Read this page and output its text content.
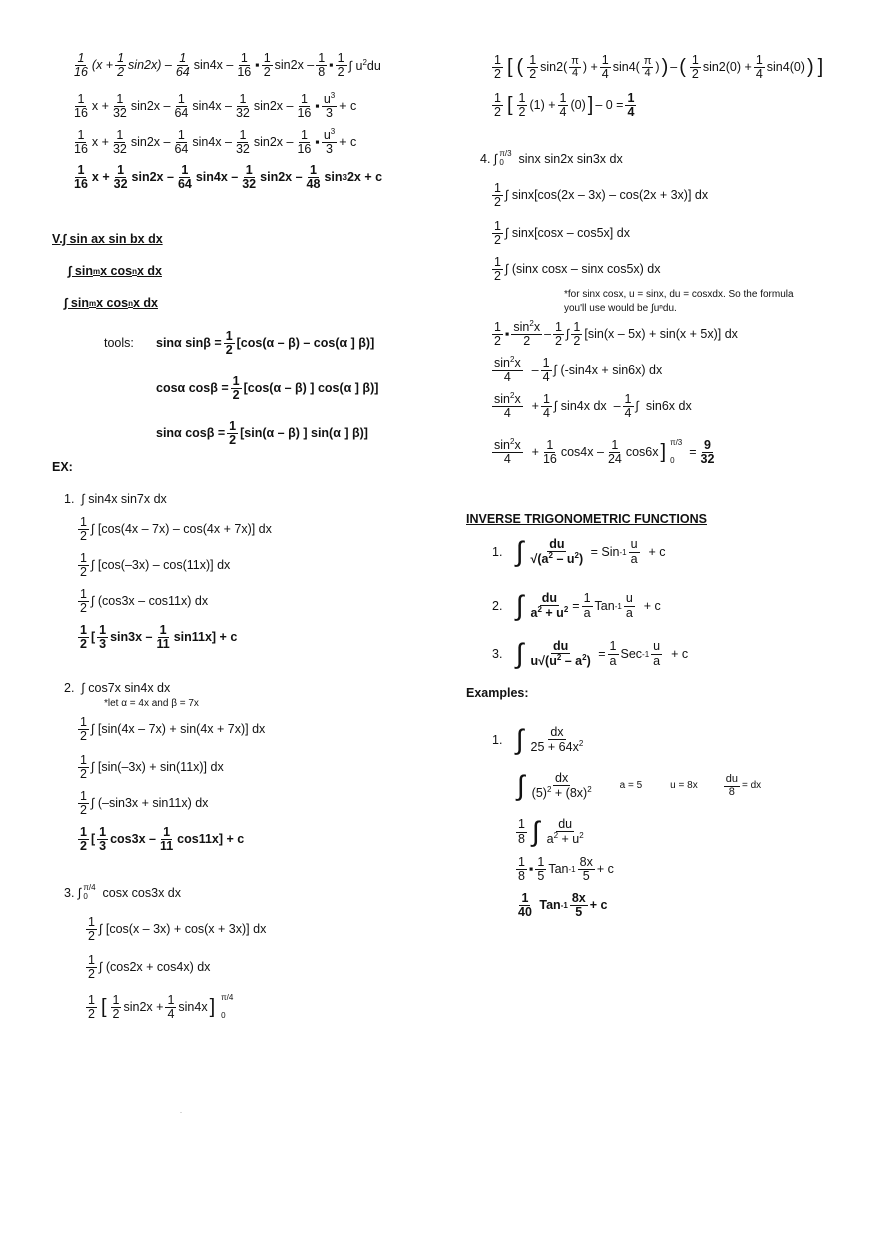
$\frac{1}{16} (x + \frac{1}{2} \sin 2x) - \frac{1}{64} \sin 4x - \frac{1}{16}$ ▪ $\frac{1}{2} \sin 2x - \frac{1}{8}$ ▪ $\frac{1}{2}$ ∫ $u^2du$
$\frac{1}{16}$ $x + \frac{1}{32} \sin 2x - \frac{1}{64} \sin 4x - \frac{1}{32} \sin 2x - \frac{1}{16}$ ▪ $\frac{u^3}{3} + c$
$\frac{1}{16}$ $x + \frac{1}{32} \sin 2x - \frac{1}{64} \sin 4x - \frac{1}{32} \sin 2x - \frac{1}{16}$ ▪ $\frac{u^3}{3} + c$
$\frac{1}{16}$ $x + \frac{1}{32} \sin 2x - \frac{1}{64} \sin 4x - \frac{1}{32} \sin 2x - \frac{1}{48}$ sin 3 2x + c
V.∫ sin ax sin bx dx
∫ sin m x cos n x dx
∫ sin m x cos n x dx
tools: sinα $\sin\beta = \frac{1}{2} [\cos(\alpha - \beta) - \cos(\alpha$ ] β)]
cosα $\cos\beta = \frac{1}{2} [\cos(\alpha - \beta)$ ] cos(α ] β)]
sinα $\cos\beta = \frac{1}{2} [\sin(\alpha - \beta)$ ] sin(α ] β)]
EX:
1. ∫ sin4x sin7x dx
$\frac{1}{2}$ ∫ [cos(4x – 7x) – cos(4x + 7x)] dx
$\frac{1}{2}$ ∫ [cos(–3x) – cos(11x)] dx
$\frac{1}{2}$ ∫ (cos3x – cos11x) dx
$\frac{1}{2}$ [ $\frac{1}{3} \sin 3x - \frac{1}{11} \sin 11x] + c$
2. ∫ cos7x sin4x dx
*let α = 4x and β = 7x
$\frac{1}{2}$ ∫ [sin(4x – 7x) + sin(4x + 7x)] dx
$\frac{1}{2}$ ∫ [sin(–3x) + sin(11x)] dx
$\frac{1}{2}$ ∫ (–sin3x + sin11x) dx
$\frac{1}{2}$ [ $\frac{1}{3} \cos 3x - \frac{1}{11} \cos 11x] + c$
3.
∫ π/4
0 cosx cos3x dx
$\frac{1}{2}$ ∫ [cos(x – 3x) + cos(x + 3x)] dx
$\frac{1}{2}$ ∫ (cos2x + cos4x) dx
$\frac{1}{2}$ [ $\frac{1}{2} \sin 2x + \frac{1}{4} \sin 4x$ ] π/4

0
$\frac{1}{2}$ [ ( $\frac{1}{2} \sin 2( \frac{\pi}{4}$ ) + $\frac{1}{4} \sin 4( \frac{\pi}{4}$ ) ) – ( $\frac{1}{2} \sin 2(0) + \frac{1}{4} \sin 4(0)$ ) ]
$\frac{1}{2}$ [ $\frac{1}{2} (1) + \frac{1}{4} (0)$ ] – $0 = \frac{1}{4}$
4.
∫ π/3
0 sinx sin2x sin3x dx
$\frac{1}{2}$ ∫ sinx[cos(2x – 3x) – cos(2x + 3x)] dx
$\frac{1}{2}$ ∫ sinx[cosx – cos5x] dx
$\frac{1}{2}$ ∫ (sinx cosx – sinx cos5x) dx
*for sinx cosx, u = sinx, du = cosxdx. So the formula
you'll use would be ∫uⁿdu.
$\frac{1}{2}$ ▪ $\frac{\sin^2x}{2} - \frac{1}{2}$ ∫ $\frac{1}{2} [\sin(x - 5x) + \sin(x + 5x)]$ dx
$\frac{\sin^2x}{4} - \frac{1}{4}$ ∫ (-sin4x + sin6x) dx
$\frac{\sin^2x}{4} + \frac{1}{4}$ ∫ sin4x dx  – $\frac{1}{4}$ ∫  sin6x dx
$\frac{\sin^2x}{4} + \frac{1}{16} \cos 4x - \frac{1}{24} \cos 6x$ ] π/3

0
= $\frac{9}{32}$
INVERSE TRIGONOMETRIC FUNCTIONS
1.
∫ $\frac{du}{√(a^2 - u^2)}$ = Sin $-1 \frac{u}{a} + c$
2.
∫ $\frac{du}{a^2 + u^2} = \frac{1}{a}$ Tan $-1 \frac{u}{a} + c$
3.
∫ $\frac{du}{u√(u^2 - a^2)} = \frac{1}{a}$ Sec $-1 \frac{u}{a} + c$
Examples:
1.
∫ $\frac{dx}{25 + 64x^2}$
∫ $\frac{dx}{(5)^2 + (8x)^2}$	a = 5	$u = 8x \frac{du}{8}$ = dx
$\frac{1}{8}$ ∫ $\frac{du}{a^2 + u^2}$
$\frac{1}{8}$ ▪ $\frac{1}{5}$ Tan $-1 \frac{8x}{5} + c$
$\frac{1}{40}$ Tan $-1 \frac{8x}{5} + c$
-
